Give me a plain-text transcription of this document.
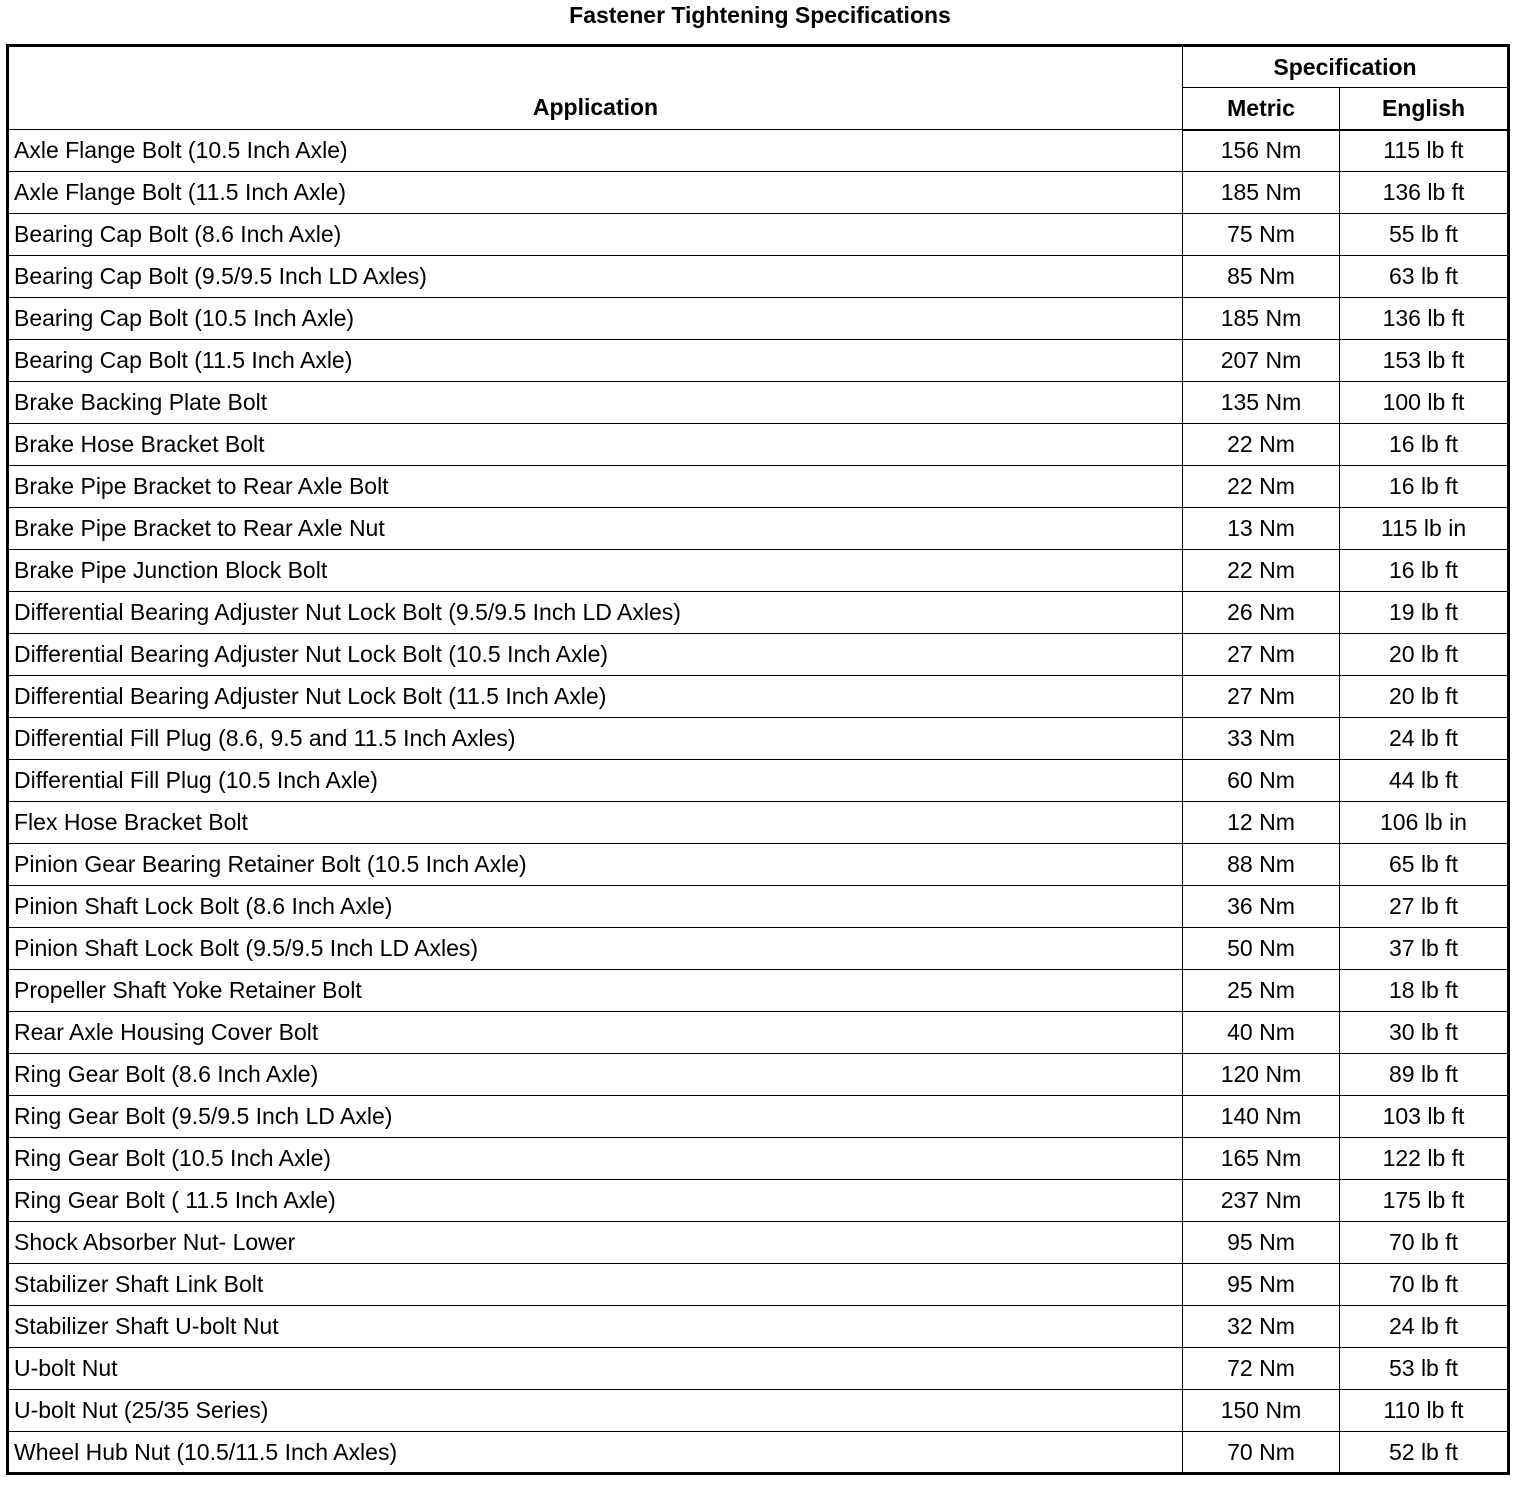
Fastener Tightening Specifications
Application	Specification	
	Metric	English
Axle Flange Bolt (10.5 Inch Axle)	156 Nm	115 lb ft
Axle Flange Bolt (11.5 Inch Axle)	185 Nm	136 lb ft
Bearing Cap Bolt (8.6 Inch Axle)	75 Nm	55 lb ft
Bearing Cap Bolt (9.5/9.5 Inch LD Axles)	85 Nm	63 lb ft
Bearing Cap Bolt (10.5 Inch Axle)	185 Nm	136 lb ft
Bearing Cap Bolt (11.5 Inch Axle)	207 Nm	153 lb ft
Brake Backing Plate Bolt	135 Nm	100 lb ft
Brake Hose Bracket Bolt	22 Nm	16 lb ft
Brake Pipe Bracket to Rear Axle Bolt	22 Nm	16 lb ft
Brake Pipe Bracket to Rear Axle Nut	13 Nm	115 lb in
Brake Pipe Junction Block Bolt	22 Nm	16 lb ft
Differential Bearing Adjuster Nut Lock Bolt (9.5/9.5 Inch LD Axles)	26 Nm	19 lb ft
Differential Bearing Adjuster Nut Lock Bolt (10.5 Inch Axle)	27 Nm	20 lb ft
Differential Bearing Adjuster Nut Lock Bolt (11.5 Inch Axle)	27 Nm	20 lb ft
Differential Fill Plug (8.6, 9.5 and 11.5 Inch Axles)	33 Nm	24 lb ft
Differential Fill Plug (10.5 Inch Axle)	60 Nm	44 lb ft
Flex Hose Bracket Bolt	12 Nm	106 lb in
Pinion Gear Bearing Retainer Bolt (10.5 Inch Axle)	88 Nm	65 lb ft
Pinion Shaft Lock Bolt (8.6 Inch Axle)	36 Nm	27 lb ft
Pinion Shaft Lock Bolt (9.5/9.5 Inch LD Axles)	50 Nm	37 lb ft
Propeller Shaft Yoke Retainer Bolt	25 Nm	18 lb ft
Rear Axle Housing Cover Bolt	40 Nm	30 lb ft
Ring Gear Bolt (8.6 Inch Axle)	120 Nm	89 lb ft
Ring Gear Bolt (9.5/9.5 Inch LD Axle)	140 Nm	103 lb ft
Ring Gear Bolt (10.5 Inch Axle)	165 Nm	122 lb ft
Ring Gear Bolt ( 11.5 Inch Axle)	237 Nm	175 lb ft
Shock Absorber Nut- Lower	95 Nm	70 lb ft
Stabilizer Shaft Link Bolt	95 Nm	70 lb ft
Stabilizer Shaft U-bolt Nut	32 Nm	24 lb ft
U-bolt Nut	72 Nm	53 lb ft
U-bolt Nut (25/35 Series)	150 Nm	110 lb ft
Wheel Hub Nut (10.5/11.5 Inch Axles)	70 Nm	52 lb ft
